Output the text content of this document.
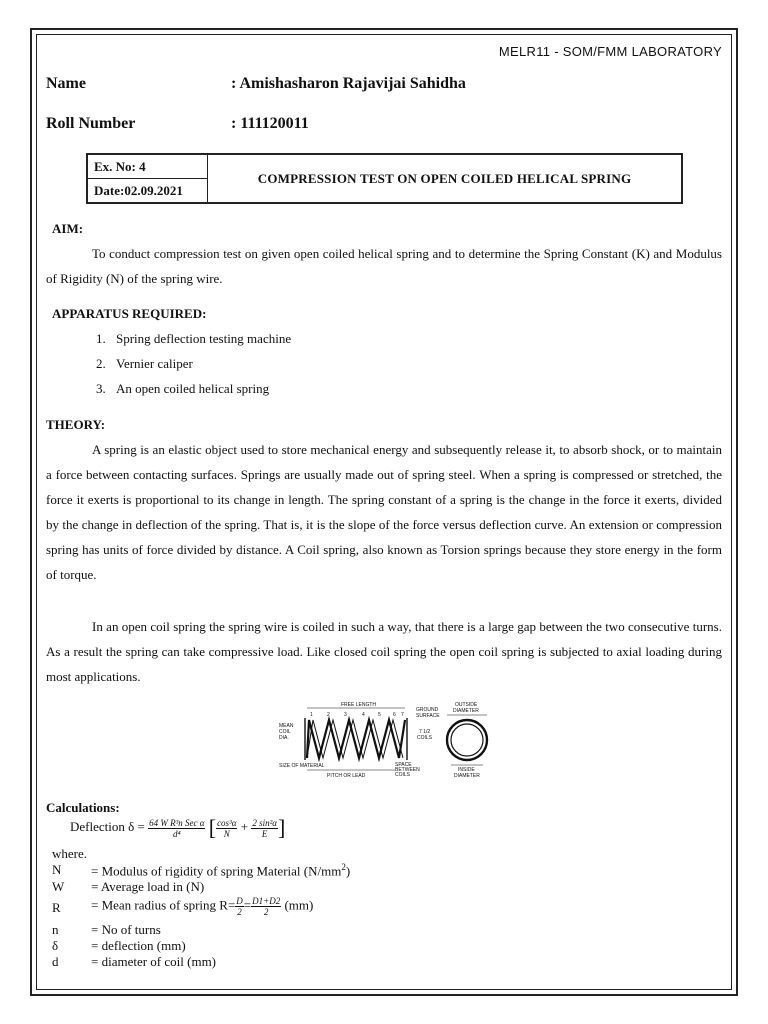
MELR11 - SOM/FMM LABORATORY
Name	: Amishasharon Rajavijai Sahidha
Roll Number	: 111120011
Ex. No: 4	COMPRESSION TEST ON OPEN COILED HELICAL SPRING
Date:02.09.2021
AIM:
To conduct compression test on given open coiled helical spring and to determine the Spring Constant (K) and Modulus of Rigidity (N) of the spring wire.
APPARATUS REQUIRED:
1. Spring deflection testing machine
2. Vernier caliper
3. An open coiled helical spring
THEORY:
A spring is an elastic object used to store mechanical energy and subsequently release it, to absorb shock, or to maintain a force between contacting surfaces. Springs are usually made out of spring steel. When a spring is compressed or stretched, the force it exerts is proportional to its change in length. The spring constant of a spring is the change in the force it exerts, divided by the change in deflection of the spring. That is, it is the slope of the force versus deflection curve. An extension or compression spring has units of force divided by distance. A Coil spring, also known as Torsion springs because they store energy in the form of torque.
In an open coil spring the spring wire is coiled in such a way, that there is a large gap between the two consecutive turns. As a result the spring can take compressive load. Like closed coil spring the open coil spring is subjected to axial loading during most applications.
FREE LENGTH
1	2	3	4	5 6 7
MEAN
COIL
DIA.
GROUND
SURFACE
7 1/2
COILS
SIZE OF MATERIAL
PITCH OR LEAD
SPACE
BETWEEN
COILS
OUTSIDE
DIAMETER
INSIDE
DIAMETER
Calculations:
Deflection $\delta = \frac{\text{64 W R³n Sec α}}{\text{d⁴}}$ [ $\frac{\text{cos³α}}{N} + \frac{\text{2 sin²α}}{E}$ ]
where.
N = Modulus of rigidity of spring Material $(N/mm^2)$
W = Average load in (N)
R = Mean radius of spring $R= \frac{D}{2} = \frac{D1+D2}{2} (mm)$
n	= No of turns
δ	= deflection (mm)
d	= diameter of coil (mm)
